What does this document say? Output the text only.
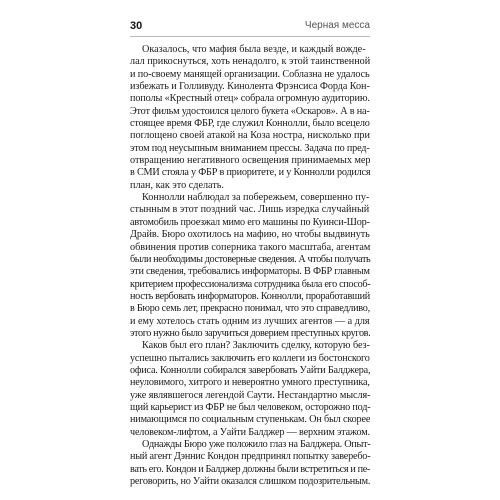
30	Черная месса

Оказалось, что мафия была везде, и каждый вожде-
лал прикоснуться, хоть ненадолго, к этой таинственной
и по-своему манящей организации. Соблазна не удалось
избежать и Голливуду. Кинолента Фрэнсиса Форда Кон-
пополы «Крестный отец» собрала огромную аудиторию.
Этот фильм удостоился целого букета «Оскаров». А в на-
стоящее время ФБР, где служил Коннолли, было всецело
поглощено своей атакой на Коза ностра, нисколько при
этом под неусыпным вниманием прессы. Задача по пред-
отвращению негативного освещения принимаемых мер
в СМИ стояла у ФБР в приоритете, и у Коннолли родился
план, как это сделать.

Коннолли наблюдал за побережьем, совершенно пу-
стынным в этот поздний час. Лишь изредка случайный
автомобиль проезжал мимо его машины по Куинси-Шор-
Драйв. Бюро охотилось на мафию, но чтобы выдвинуть
обвинения против соперника такого масштаба, агентам
были необходимы достоверные сведения. А чтобы получать
эти сведения, требовались информаторы. В ФБР главным
критерием профессионализма сотрудника была его способ-
ность вербовать информаторов. Коннолли, проработавший
в Бюро семь лет, прекрасно понимал, что это справедливо,
и ему хотелось стать одним из лучших агентов — а для
этого нужно было заручиться доверием преступных кругов.

Каков был его план? Заключить сделку, которую без-
успешно пытались заключить его коллеги из бостонского
офиса. Коннолли собирался завербовать Уайти Балджера,
неуловимого, хитрого и невероятно умного преступника,
уже являвшегося легендой Саути. Нестандартно мысля-
щий карьерист из ФБР не был человеком, осторожно под-
нимающимся по социальным ступенькам. Он был скорее
человеком-лифтом, а Уайти Балджер — верхним этажом.

Однажды Бюро уже положило глаз на Балджера. Опыт-
ный агент Дэннис Кондон предпринял попытку заверебо-
вать его. Кондон и Балджер должны были встретиться и пе-
реговорить, но Уайти оказался слишком подозрительным.
